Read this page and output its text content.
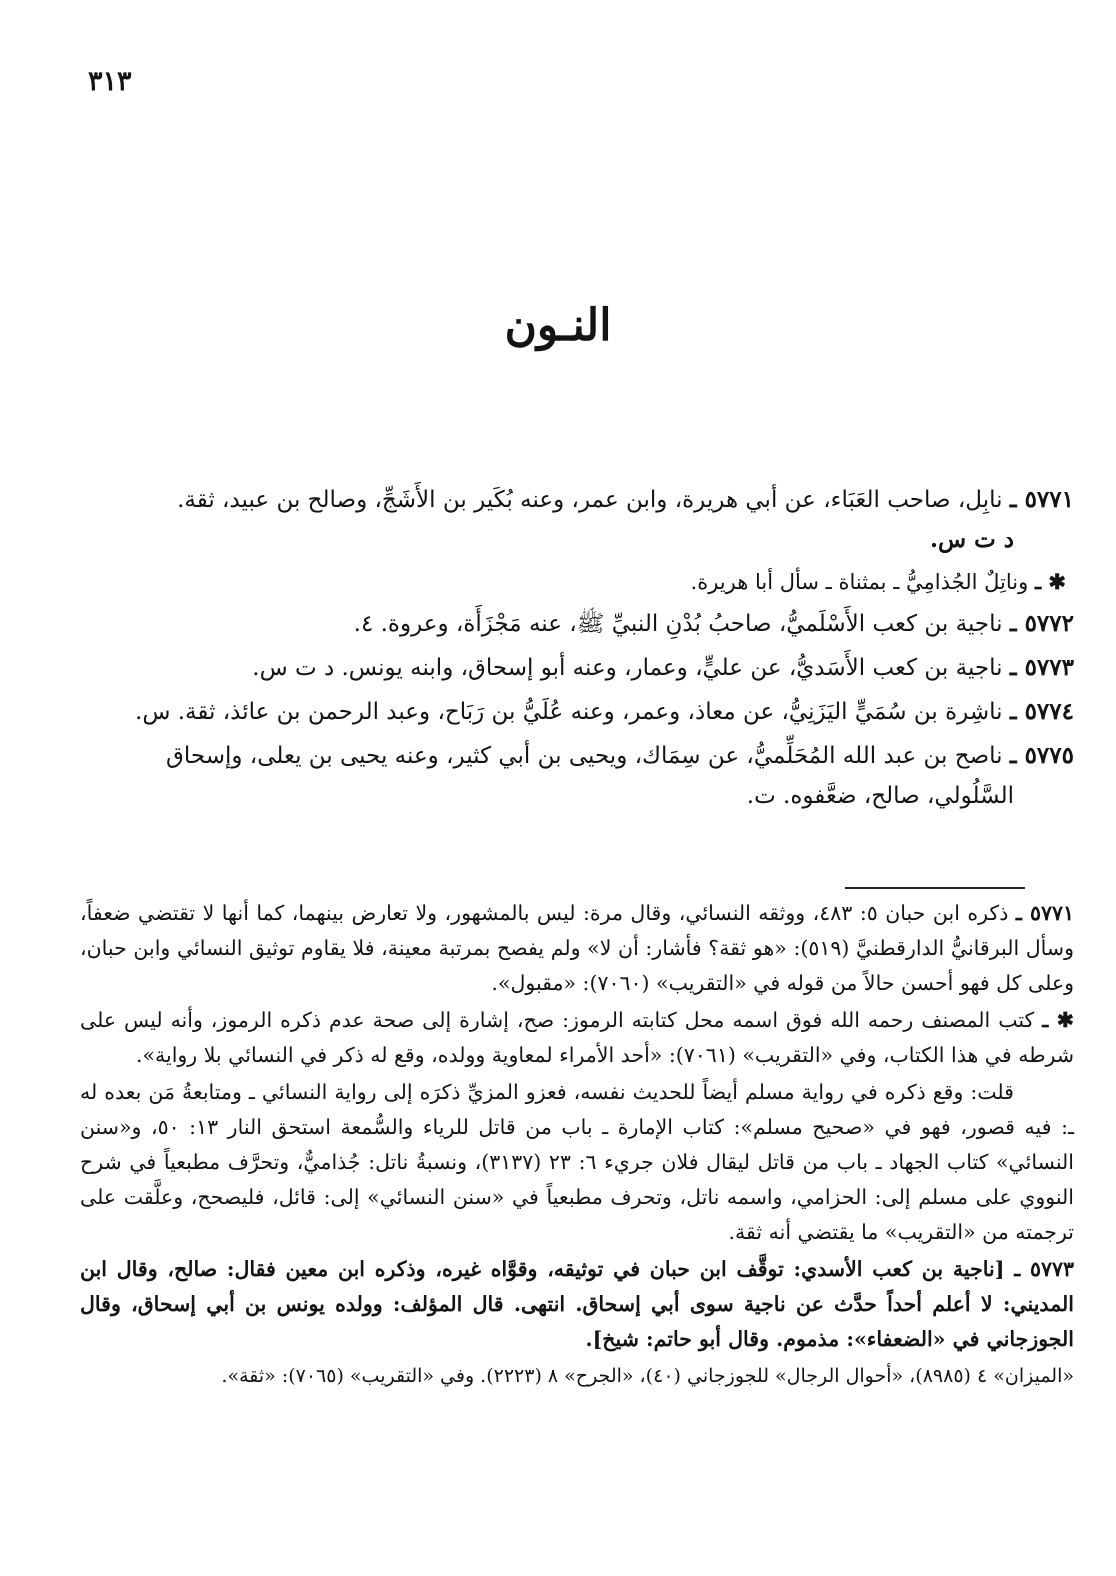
٣١٣
النـون

٥٧٧١ ـ نابِل، صاحب العَبَاء، عن أبي هريرة، وابن عمر، وعنه بُكَير بن الأَشَجِّ، وصالح بن عبيد، ثقة.
د ت س.

✱ ـ وناتِلٌ الجُذامِيُّ ـ بمثناة ـ سأل أبا هريرة.

٥٧٧٢ ـ ناجية بن كعب الأَسْلَميُّ، صاحبُ بُدْنِ النبيِّ ﷺ، عنه مَجْزَأَة، وعروة. ٤.

٥٧٧٣ ـ ناجية بن كعب الأَسَديُّ، عن عليٍّ، وعمار، وعنه أبو إسحاق، وابنه يونس. د ت س.

٥٧٧٤ ـ ناشِرة بن سُمَيٍّ اليَزَنِيُّ، عن معاذ، وعمر، وعنه عُلَيُّ بن رَبَاح، وعبد الرحمن بن عائذ، ثقة. س.

٥٧٧٥ ـ ناصح بن عبد الله المُحَلِّميُّ، عن سِمَاك، ويحيى بن أبي كثير، وعنه يحيى بن يعلى، وإسحاق
السَّلُولي، صالح، ضعَّفوه. ت.

٥٧٧١ ـ ذكره ابن حبان ٥: ٤٨٣، ووثقه النسائي، وقال مرة: ليس بالمشهور، ولا تعارض بينهما، كما أنها لا تقتضي ضعفاً، وسأل البرقانيُّ الدارقطنيَّ (٥١٩): «هو ثقة؟ فأشار: أن لا» ولم يفصح بمرتبة معينة، فلا يقاوم توثيق النسائي وابن حبان، وعلى كل فهو أحسن حالاً من قوله في «التقريب» (٧٠٦٠): «مقبول».

✱ ـ كتب المصنف رحمه الله فوق اسمه محل كتابته الرموز: صح، إشارة إلى صحة عدم ذكره الرموز، وأنه ليس على شرطه في هذا الكتاب، وفي «التقريب» (٧٠٦١): «أحد الأمراء لمعاوية وولده، وقع له ذكر في النسائي بلا رواية».

قلت: وقع ذكره في رواية مسلم أيضاً للحديث نفسه، فعزو المزيِّ ذكرَه إلى رواية النسائي ـ ومتابعةُ مَن بعده له ـ: فيه قصور، فهو في «صحيح مسلم»: كتاب الإمارة ـ باب من قاتل للرياء والسُّمعة استحق النار ١٣: ٥٠، و«سنن النسائي» كتاب الجهاد ـ باب من قاتل ليقال فلان جريء ٦: ٢٣ (٣١٣٧)، ونسبةُ ناتل: جُذاميٌّ، وتحرَّف مطبعياً في شرح النووي على مسلم إلى: الحزامي، واسمه ناتل، وتحرف مطبعياً في «سنن النسائي» إلى: قائل، فليصحح، وعلَّقت على ترجمته من «التقريب» ما يقتضي أنه ثقة.

٥٧٧٣ ـ [ناجية بن كعب الأسدي: توقَّف ابن حبان في توثيقه، وقوَّاه غيره، وذكره ابن معين فقال: صالح، وقال ابن المديني: لا أعلم أحداً حدَّث عن ناجية سوى أبي إسحاق. انتهى. قال المؤلف: وولده يونس بن أبي إسحاق، وقال الجوزجاني في «الضعفاء»: مذموم. وقال أبو حاتم: شيخ].

«الميزان» ٤ (٨٩٨٥)، «أحوال الرجال» للجوزجاني (٤٠)، «الجرح» ٨ (٢٢٢٣). وفي «التقريب» (٧٠٦٥): «ثقة».
